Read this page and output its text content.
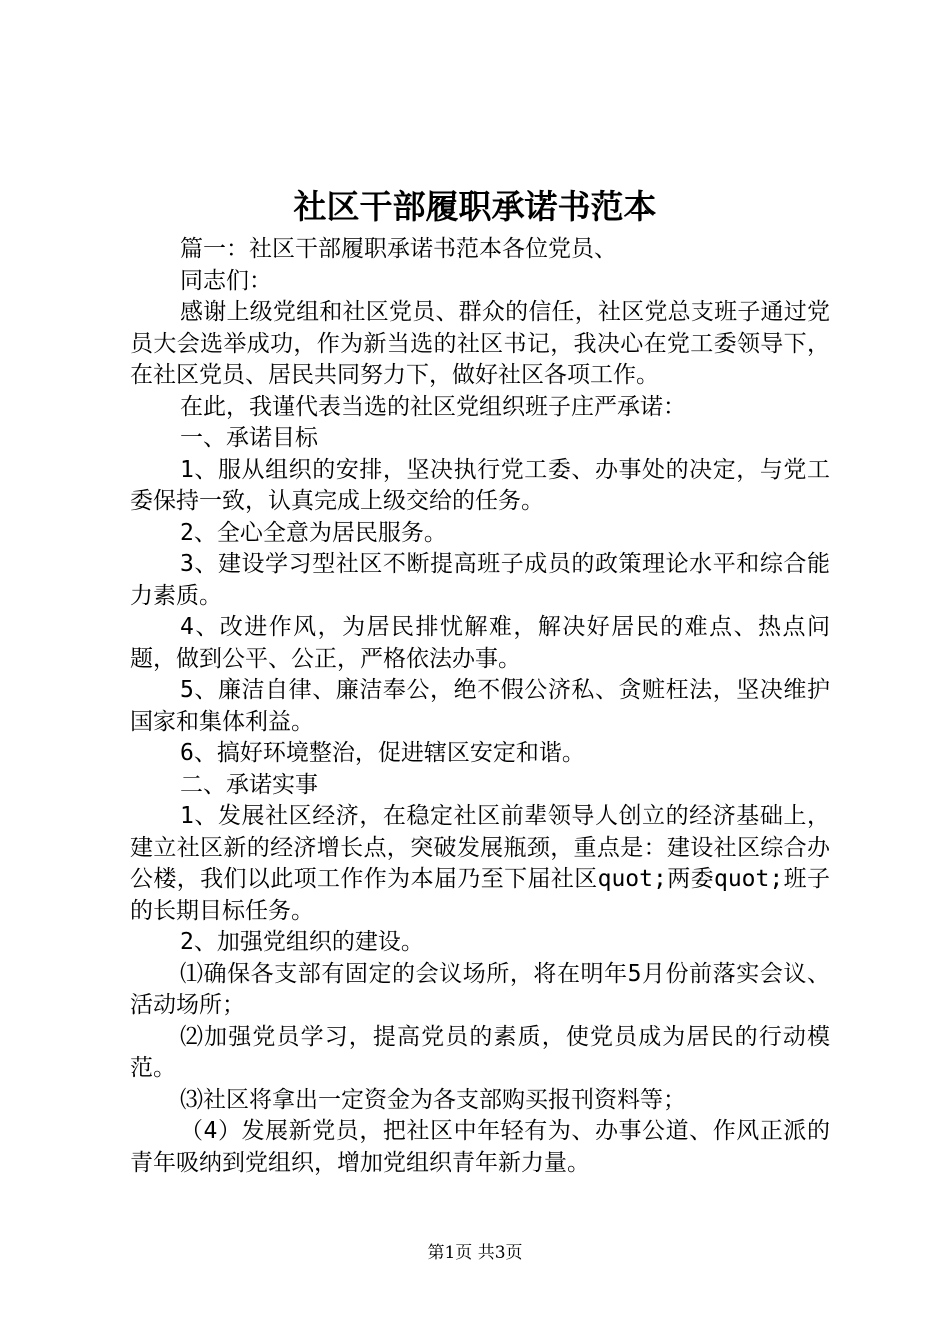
社区干部履职承诺书范本

篇一：社区干部履职承诺书范本各位党员、

同志们：

感谢上级党组和社区党员、群众的信任，社区党总支班子通过党员大会选举成功，作为新当选的社区书记，我决心在党工委领导下，在社区党员、居民共同努力下，做好社区各项工作。

在此，我谨代表当选的社区党组织班子庄严承诺：

一、承诺目标

1、服从组织的安排，坚决执行党工委、办事处的决定，与党工委保持一致，认真完成上级交给的任务。

2、全心全意为居民服务。

3、建设学习型社区不断提高班子成员的政策理论水平和综合能力素质。

4、改进作风，为居民排忧解难，解决好居民的难点、热点问题，做到公平、公正，严格依法办事。

5、廉洁自律、廉洁奉公，绝不假公济私、贪赃枉法，坚决维护国家和集体利益。

6、搞好环境整治，促进辖区安定和谐。

二、承诺实事

1、发展社区经济，在稳定社区前辈领导人创立的经济基础上，建立社区新的经济增长点，突破发展瓶颈，重点是：建设社区综合办公楼，我们以此项工作作为本届乃至下届社区quot;两委quot;班子的长期目标任务。

2、加强党组织的建设。

⑴确保各支部有固定的会议场所，将在明年5月份前落实会议、活动场所；

⑵加强党员学习，提高党员的素质，使党员成为居民的行动模范。

⑶社区将拿出一定资金为各支部购买报刊资料等；

（4）发展新党员，把社区中年轻有为、办事公道、作风正派的青年吸纳到党组织，增加党组织青年新力量。

第1页 共3页
